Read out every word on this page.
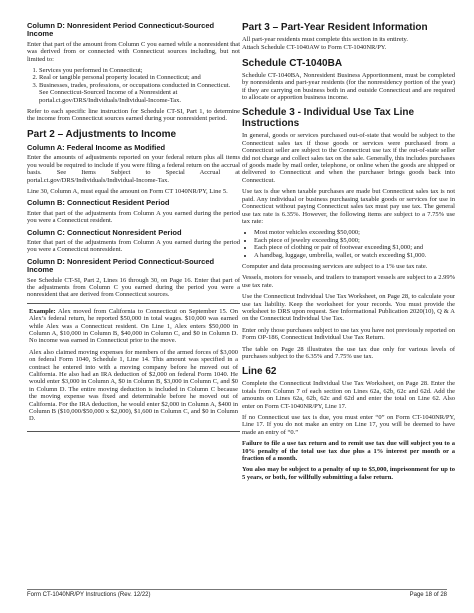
Column D: Nonresident Period Connecticut-Sourced Income

Enter that part of the amount from Column C you earned while a nonresident that was derived from or connected with Connecticut sources including, but not limited to:

1. Services you performed in Connecticut;
2. Real or tangible personal property located in Connecticut; and
3. Businesses, trades, professions, or occupations conducted in Connecticut. See Connecticut-Sourced Income of a Nonresident at portal.ct.gov/DRS/Individuals/Individual-Income-Tax.

Refer to each specific line instruction for Schedule CT-SI, Part 1, to determine the income from Connecticut sources earned during your nonresident period.

Part 2 – Adjustments to Income
Column A: Federal Income as Modified

Enter the amounts of adjustments reported on your federal return plus all items you would be required to include if you were filing a federal return on the accrual basis. See Items Subject to Special Accrual at portal.ct.gov/DRS/Individuals/Individual-Income-Tax.

Line 30, Column A, must equal the amount on Form CT 1040NR/PY, Line 5.

Column B: Connecticut Resident Period

Enter that part of the adjustments from Column A you earned during the period you were a Connecticut resident.

Column C: Connecticut Nonresident Period

Enter that part of the adjustments from Column A you earned during the period you were a Connecticut nonresident.

Column D: Nonresident Period Connecticut-Sourced Income

See Schedule CT-SI, Part 2, Lines 16 through 30, on Page 16. Enter that part of the adjustments from Column C you earned during the period you were a nonresident that are derived from Connecticut sources.

Example: Alex moved from California to Connecticut on September 15. On Alex’s federal return, he reported $50,000 in total wages. $10,000 was earned while Alex was a Connecticut resident. On Line 1, Alex enters $50,000 in Column A, $10,000 in Column B, $40,000 in Column C, and $0 in Column D. No income was earned in Connecticut prior to the move.

Alex also claimed moving expenses for members of the armed forces of $3,000 on federal Form 1040, Schedule 1, Line 14. This amount was specified in a contract he entered into with a moving company before he moved out of California. He also had an IRA deduction of $2,000 on federal Form 1040. He would enter $3,000 in Column A, $0 in Column B, $3,000 in Column C, and $0 in Column D. The entire moving deduction is included in Column C because the moving expense was fixed and determinable before he moved out of California. For the IRA deduction, he would enter $2,000 in Column A, $400 in Column B ($10,000/$50,000 x $2,000), $1,600 in Column C, and $0 in Column D.

Part 3 – Part-Year Resident Information

All part-year residents must complete this section in its entirety.

Attach Schedule CT-1040AW to Form CT-1040NR/PY.

Schedule CT-1040BA

Schedule CT-1040BA, Nonresident Business Apportionment, must be completed by nonresidents and part-year residents (for the nonresidency portion of the year) if they are carrying on business both in and outside Connecticut and are required to allocate or apportion business income.

Schedule 3 - Individual Use Tax Line Instructions

In general, goods or services purchased out-of-state that would be subject to the Connecticut sales tax if those goods or services were purchased from a Connecticut seller are subject to the Connecticut use tax if the out-of-state seller did not charge and collect sales tax on the sale. Generally, this includes purchases of goods made by mail order, telephone, or online when the goods are shipped or delivered to Connecticut and when the purchaser brings goods back into Connecticut.

Use tax is due when taxable purchases are made but Connecticut sales tax is not paid. Any individual or business purchasing taxable goods or services for use in Connecticut without paying Connecticut sales tax must pay use tax. The general use tax rate is 6.35%. However, the following items are subject to a 7.75% use tax rate:

• Most motor vehicles exceeding $50,000;
• Each piece of jewelry exceeding $5,000;
• Each piece of clothing or pair of footwear exceeding $1,000; and
• A handbag, luggage, umbrella, wallet, or watch exceeding $1,000.

Computer and data processing services are subject to a 1% use tax rate.

Vessels, motors for vessels, and trailers to transport vessels are subject to a 2.99% use tax rate.

Use the Connecticut Individual Use Tax Worksheet, on Page 28, to calculate your use tax liability. Keep the worksheet for your records. You must provide the worksheet to DRS upon request. See Informational Publication 2020(10), Q & A on the Connecticut Individual Use Tax.

Enter only those purchases subject to use tax you have not previously reported on Form OP-186, Connecticut Individual Use Tax Return.

The table on Page 28 illustrates the use tax due only for various levels of purchases subject to the 6.35% and 7.75% use tax.

Line 62

Complete the Connecticut Individual Use Tax Worksheet, on Page 28. Enter the totals from Column 7 of each section on Lines 62a, 62b, 62c and 62d. Add the amounts on Lines 62a, 62b, 62c and 62d and enter the total on Line 62. Also enter on Form CT-1040NR/PY, Line 17.

If no Connecticut use tax is due, you must enter “0” on Form CT-1040NR/PY, Line 17. If you do not make an entry on Line 17, you will be deemed to have made an entry of “0.”

Failure to file a use tax return and to remit use tax due will subject you to a 10% penalty of the total use tax due plus a 1% interest per month or a fraction of a month.

You also may be subject to a penalty of up to $5,000, imprisonment for up to 5 years, or both, for willfully submitting a false return.

Form CT-1040NR/PY Instructions (Rev. 12/22)	Page 18 of 28
